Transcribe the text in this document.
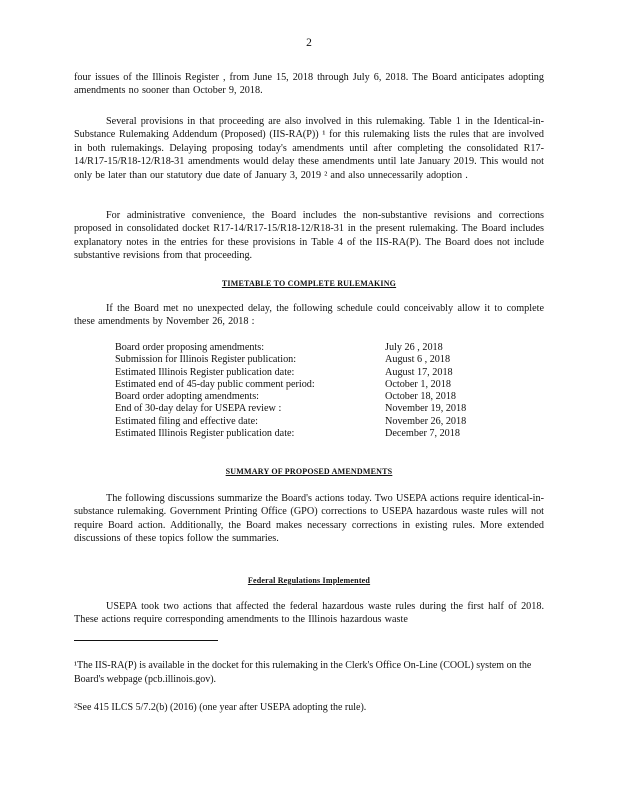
2
four issues of the Illinois Register , from June 15, 2018 through July 6, 2018. The Board anticipates adopting amendments no sooner than October 9, 2018.
Several provisions in that proceeding are also involved in this rulemaking. Table 1 in the Identical-in-Substance Rulemaking Addendum (Proposed) (IIS-RA(P)) ¹ for this rulemaking lists the rules that are involved in both rulemakings. Delaying proposing today's amendments until after completing the consolidated R17-14/R17-15/R18-12/R18-31 amendments would delay these amendments until late January 2019. This would not only be later than our statutory due date of January 3, 2019 ² and also unnecessarily adoption .
For administrative convenience, the Board includes the non-substantive revisions and corrections proposed in consolidated docket R17-14/R17-15/R18-12/R18-31 in the present rulemaking. The Board includes explanatory notes in the entries for these provisions in Table 4 of the IIS-RA(P). The Board does not include substantive revisions from that proceeding.
TIMETABLE TO COMPLETE RULEMAKING
If the Board met no unexpected delay, the following schedule could conceivably allow it to complete these amendments by November 26, 2018 :
Board order proposing amendments:	July 26 , 2018
Submission for Illinois Register publication:	August 6 , 2018
Estimated Illinois Register publication date:	August 17, 2018
Estimated end of 45-day public comment period:	October 1, 2018
Board order adopting amendments:	October 18, 2018
End of 30-day delay for USEPA review :	November 19, 2018
Estimated filing and effective date:	November 26, 2018
Estimated Illinois Register publication date:	December 7, 2018
SUMMARY OF PROPOSED AMENDMENTS
The following discussions summarize the Board's actions today. Two USEPA actions require identical-in-substance rulemaking. Government Printing Office (GPO) corrections to USEPA hazardous waste rules will not require Board action. Additionally, the Board makes necessary corrections in existing rules. More extended discussions of these topics follow the summaries.
Federal Regulations Implemented
USEPA took two actions that affected the federal hazardous waste rules during the first half of 2018. These actions require corresponding amendments to the Illinois hazardous waste
¹The IIS-RA(P) is available in the docket for this rulemaking in the Clerk's Office On-Line (COOL) system on the Board's webpage (pcb.illinois.gov).
²See 415 ILCS 5/7.2(b) (2016) (one year after USEPA adopting the rule).
